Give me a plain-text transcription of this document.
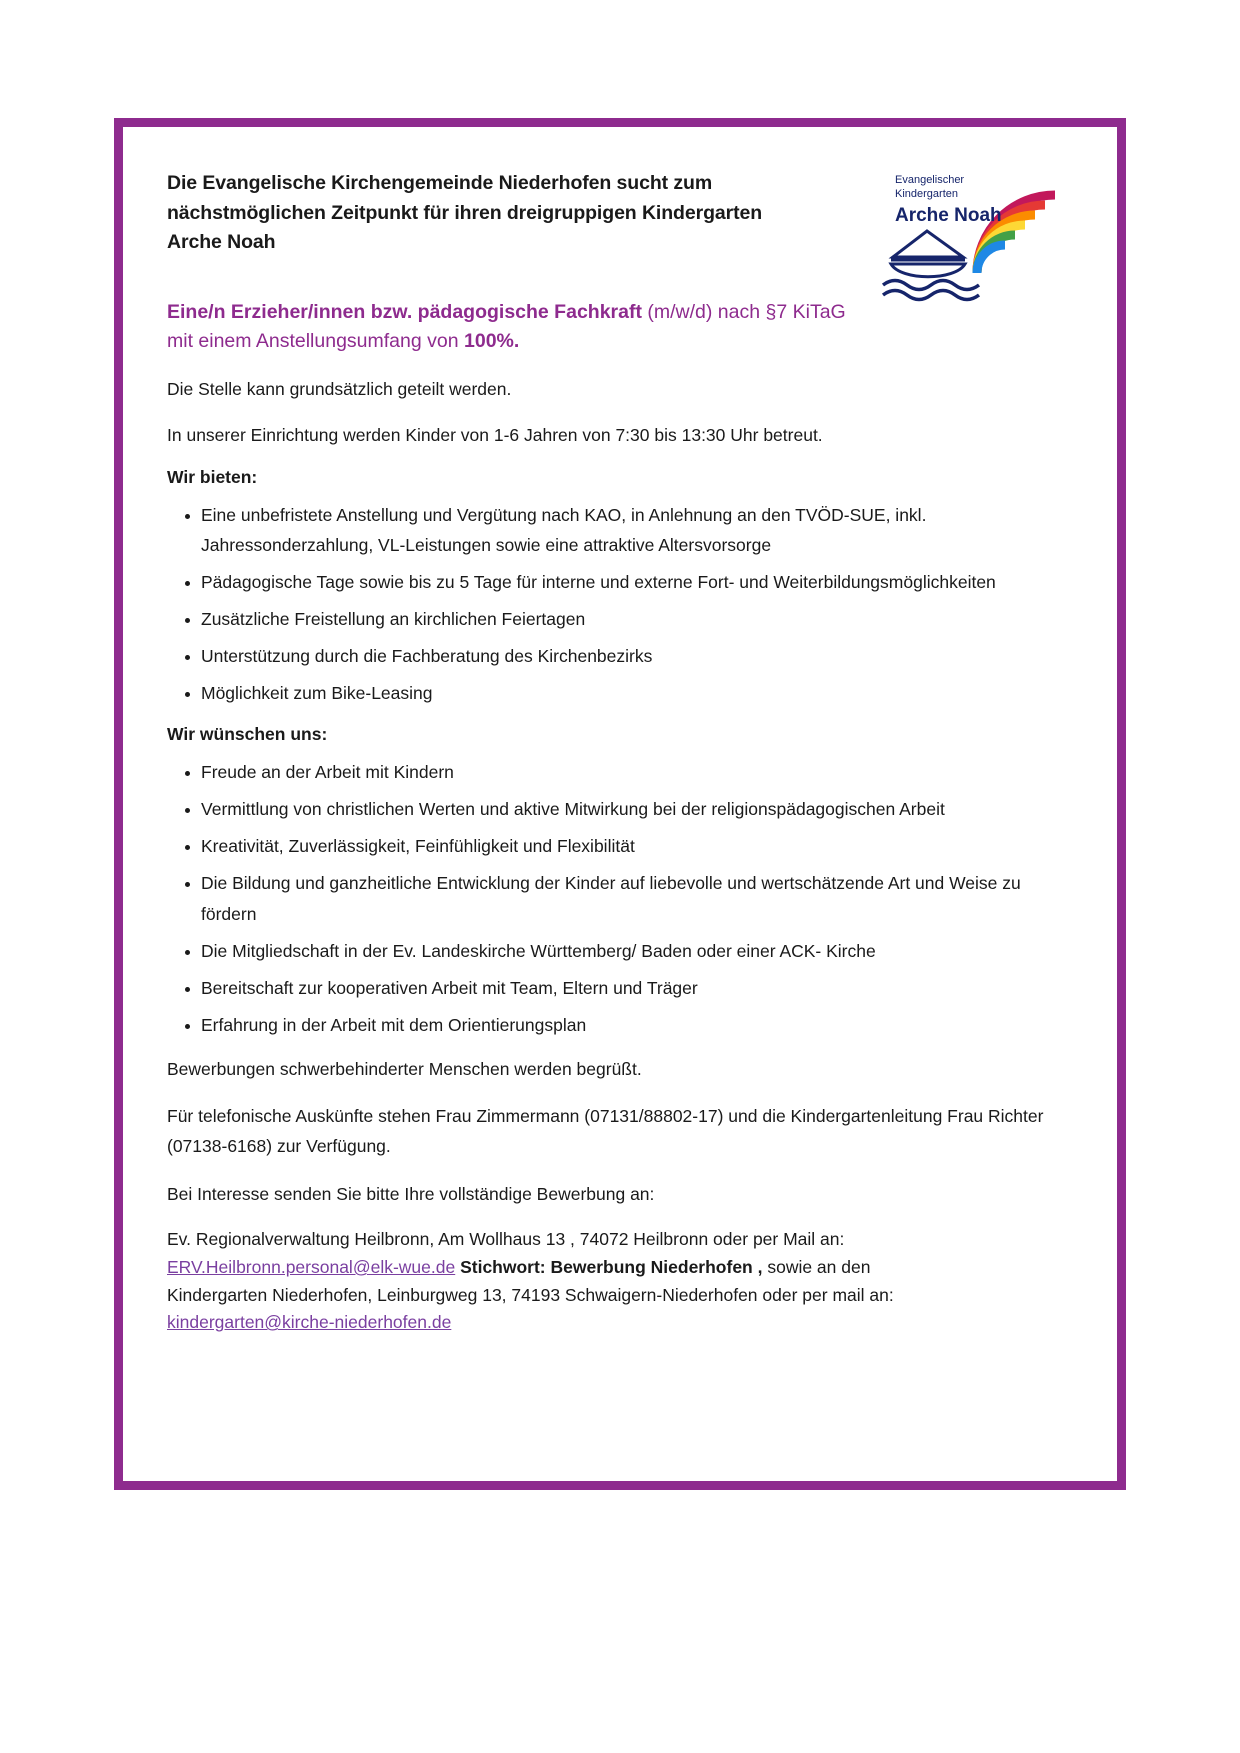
Evangelischer
Kindergarten
Arche Noah
Die Evangelische Kirchengemeinde Niederhofen sucht zum nächstmöglichen Zeitpunkt für ihren dreigruppigen Kindergarten Arche Noah
Eine/n Erzieher/innen bzw. pädagogische Fachkraft (m/w/d) nach §7 KiTaG mit einem Anstellungsumfang von 100%.

Die Stelle kann grundsätzlich geteilt werden.

In unserer Einrichtung werden Kinder von 1-6 Jahren von 7:30 bis 13:30 Uhr betreut.

Wir bieten:

Eine unbefristete Anstellung und Vergütung nach KAO, in Anlehnung an den TVÖD-SUE, inkl. Jahressonderzahlung, VL-Leistungen sowie eine attraktive Altersvorsorge
Pädagogische Tage sowie bis zu 5 Tage für interne und externe Fort- und Weiterbildungsmöglichkeiten
Zusätzliche Freistellung an kirchlichen Feiertagen
Unterstützung durch die Fachberatung des Kirchenbezirks
Möglichkeit zum Bike-Leasing

Wir wünschen uns:

Freude an der Arbeit mit Kindern
Vermittlung von christlichen Werten und aktive Mitwirkung bei der religionspädagogischen Arbeit
Kreativität, Zuverlässigkeit, Feinfühligkeit und Flexibilität
Die Bildung und ganzheitliche Entwicklung der Kinder auf liebevolle und wertschätzende Art und Weise zu fördern
Die Mitgliedschaft in der Ev. Landeskirche Württemberg/ Baden oder einer ACK- Kirche
Bereitschaft zur kooperativen Arbeit mit Team, Eltern und Träger
Erfahrung in der Arbeit mit dem Orientierungsplan

Bewerbungen schwerbehinderter Menschen werden begrüßt.

Für telefonische Auskünfte stehen Frau Zimmermann (07131/88802-17) und die Kindergartenleitung Frau Richter (07138-6168) zur Verfügung.

Bei Interesse senden Sie bitte Ihre vollständige Bewerbung an:

Ev. Regionalverwaltung Heilbronn, Am Wollhaus 13 , 74072 Heilbronn oder per Mail an:
ERV.Heilbronn.personal@elk-wue.de Stichwort: Bewerbung Niederhofen , sowie an den
Kindergarten Niederhofen, Leinburgweg 13, 74193 Schwaigern-Niederhofen oder per mail an:
kindergarten@kirche-niederhofen.de
